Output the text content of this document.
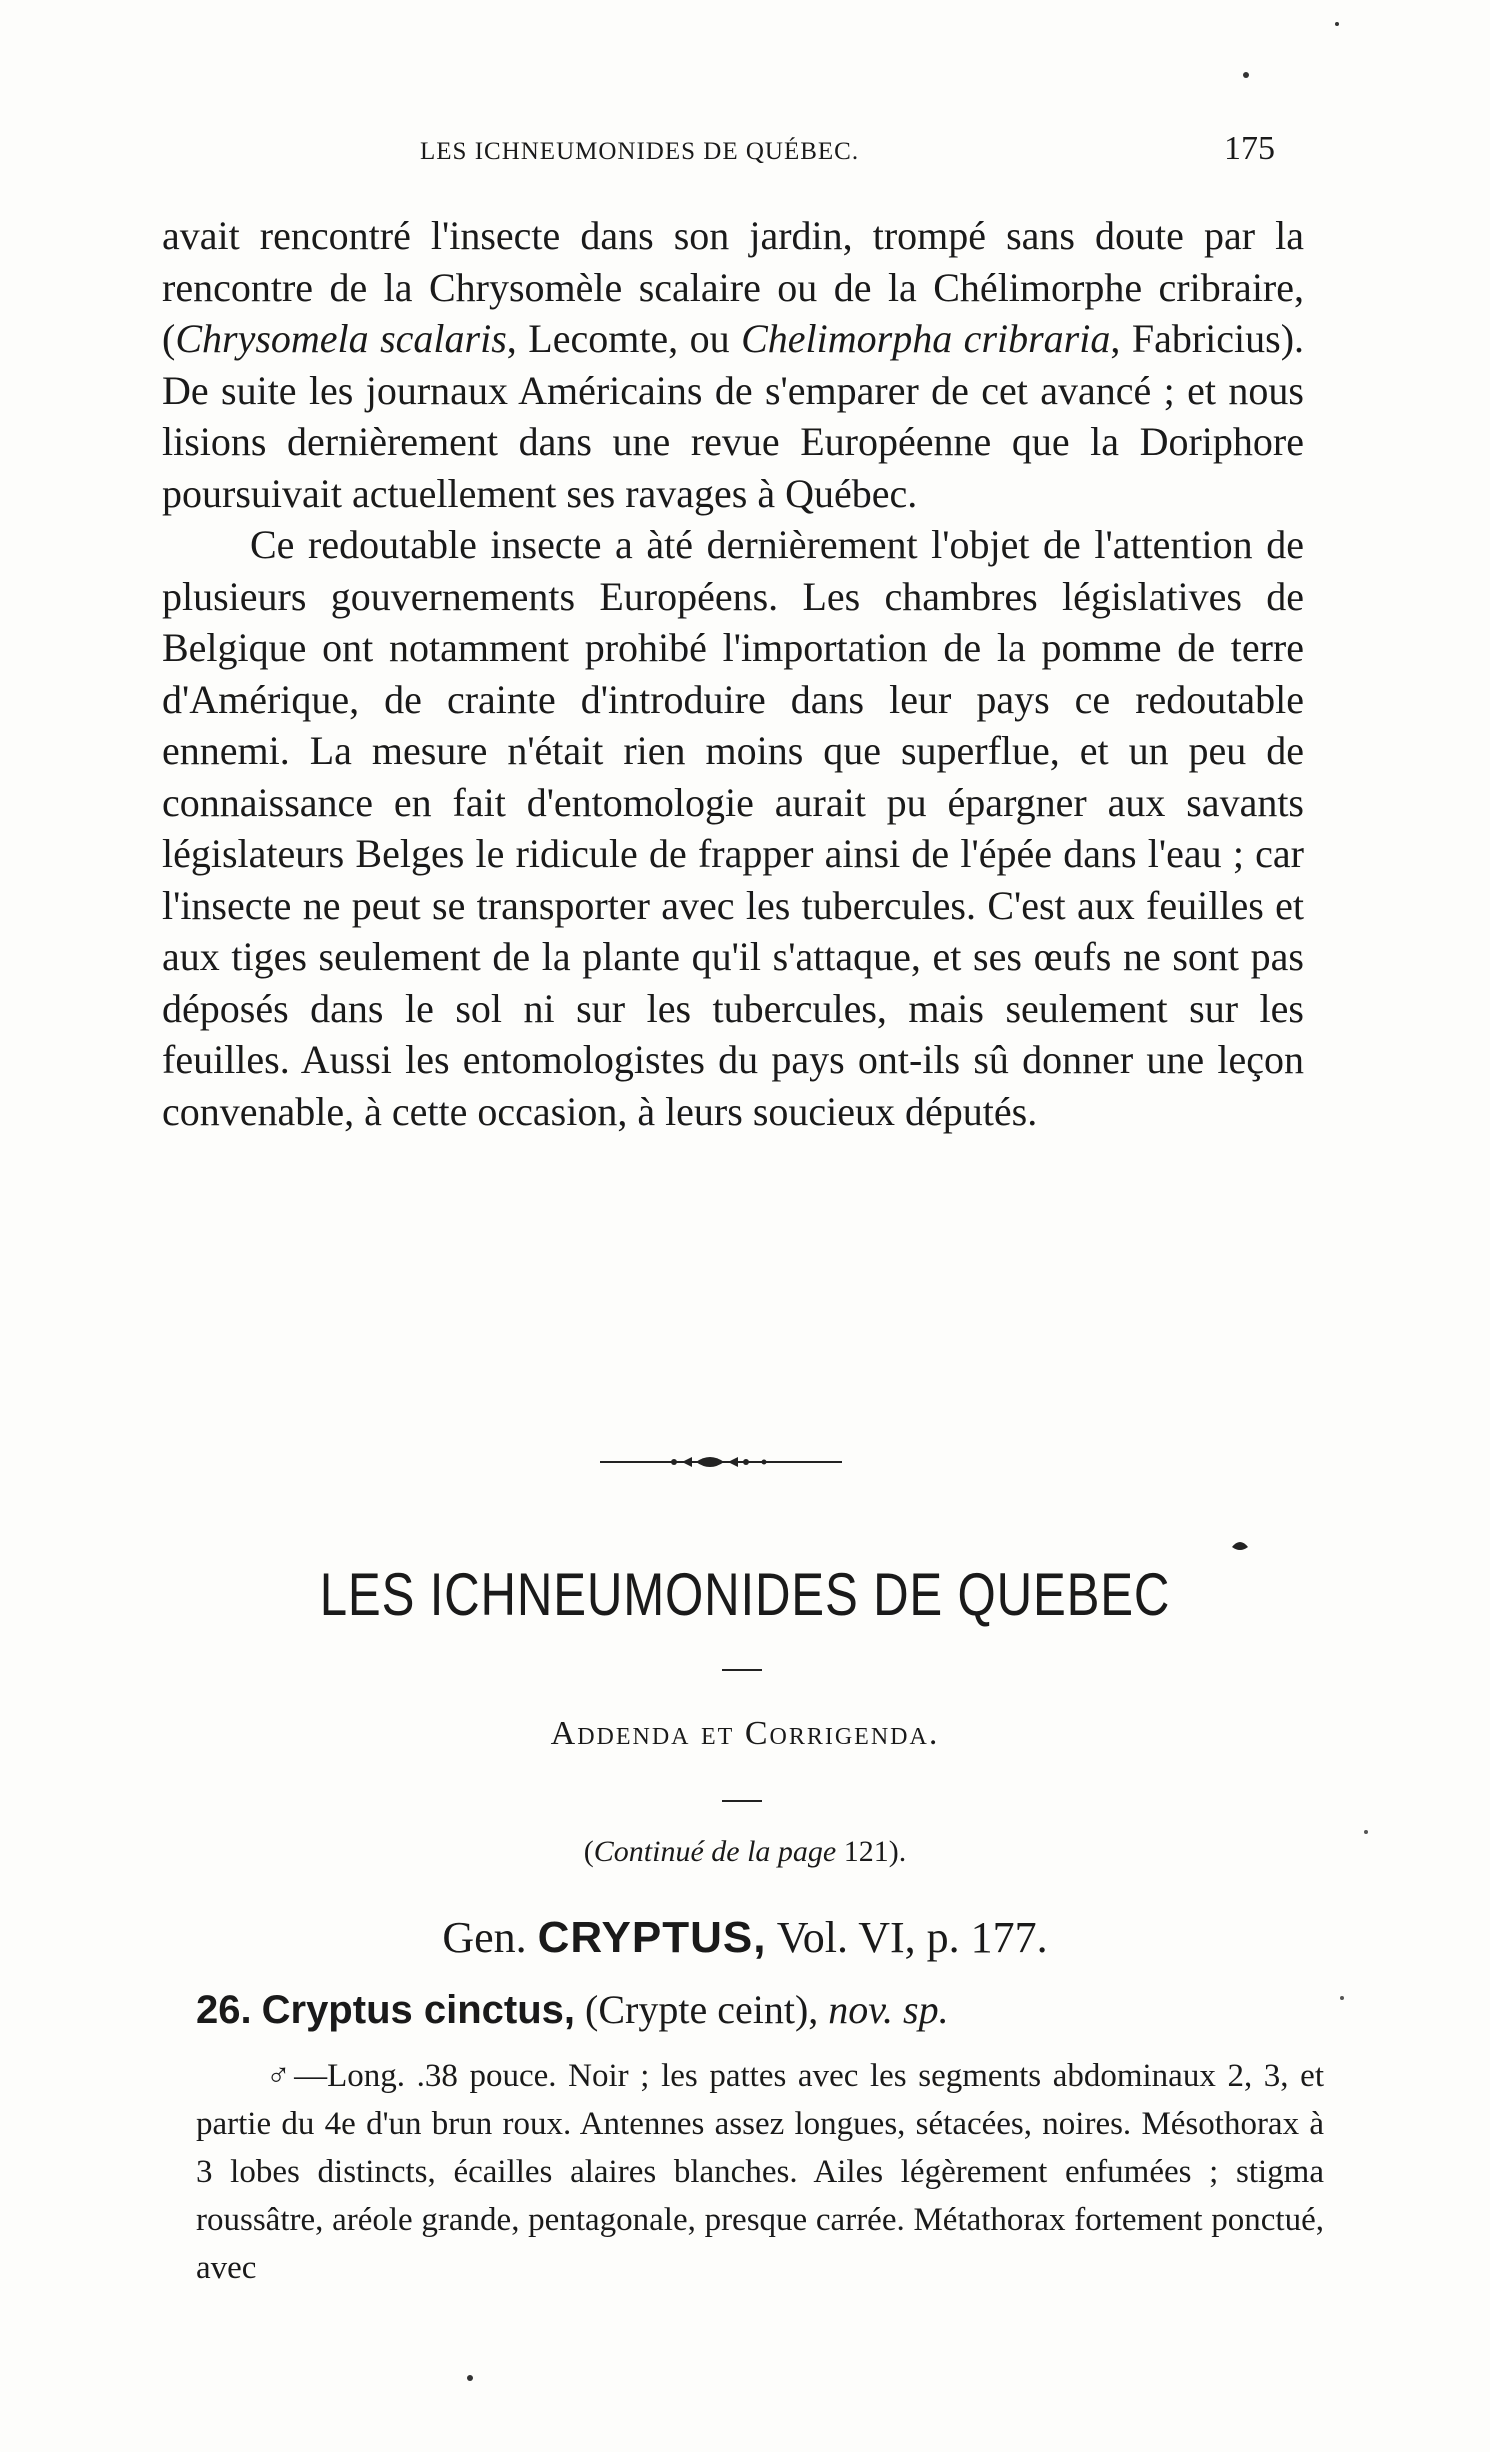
LES ICHNEUMONIDES DE QUÉBEC.	175

avait rencontré l'insecte dans son jardin, trompé sans doute par la rencontre de la Chrysomèle scalaire ou de la Chélimorphe cribraire, (Chrysomela scalaris, Lecomte, ou Chelimorpha cribraria, Fabricius). De suite les journaux Américains de s'emparer de cet avancé ; et nous lisions dernièrement dans une revue Européenne que la Doriphore poursuivait actuellement ses ravages à Québec.

Ce redoutable insecte a àté dernièrement l'objet de l'attention de plusieurs gouvernements Européens. Les chambres législatives de Belgique ont notamment prohibé l'importation de la pomme de terre d'Amérique, de crainte d'introduire dans leur pays ce redoutable ennemi. La mesure n'était rien moins que superflue, et un peu de connaissance en fait d'entomologie aurait pu épargner aux savants législateurs Belges le ridicule de frapper ainsi de l'épée dans l'eau ; car l'insecte ne peut se transporter avec les tubercules. C'est aux feuilles et aux tiges seulement de la plante qu'il s'attaque, et ses œufs ne sont pas déposés dans le sol ni sur les tubercules, mais seulement sur les feuilles. Aussi les entomologistes du pays ont-ils sû donner une leçon convenable, à cette occasion, à leurs soucieux députés.

LES ICHNEUMONIDES DE QUEBEC
Addenda et Corrigenda.
(Continué de la page 121).
Gen. CRYPTUS, Vol. VI, p. 177.
26. Cryptus cinctus, (Crypte ceint), nov. sp.
♂—Long. .38 pouce. Noir ; les pattes avec les segments abdominaux 2, 3, et partie du 4e d'un brun roux. Antennes assez longues, sétacées, noires. Mésothorax à 3 lobes distincts, écailles alaires blanches. Ailes légèrement enfumées ; stigma roussâtre, aréole grande, pentagonale, presque carrée. Métathorax fortement ponctué, avec
